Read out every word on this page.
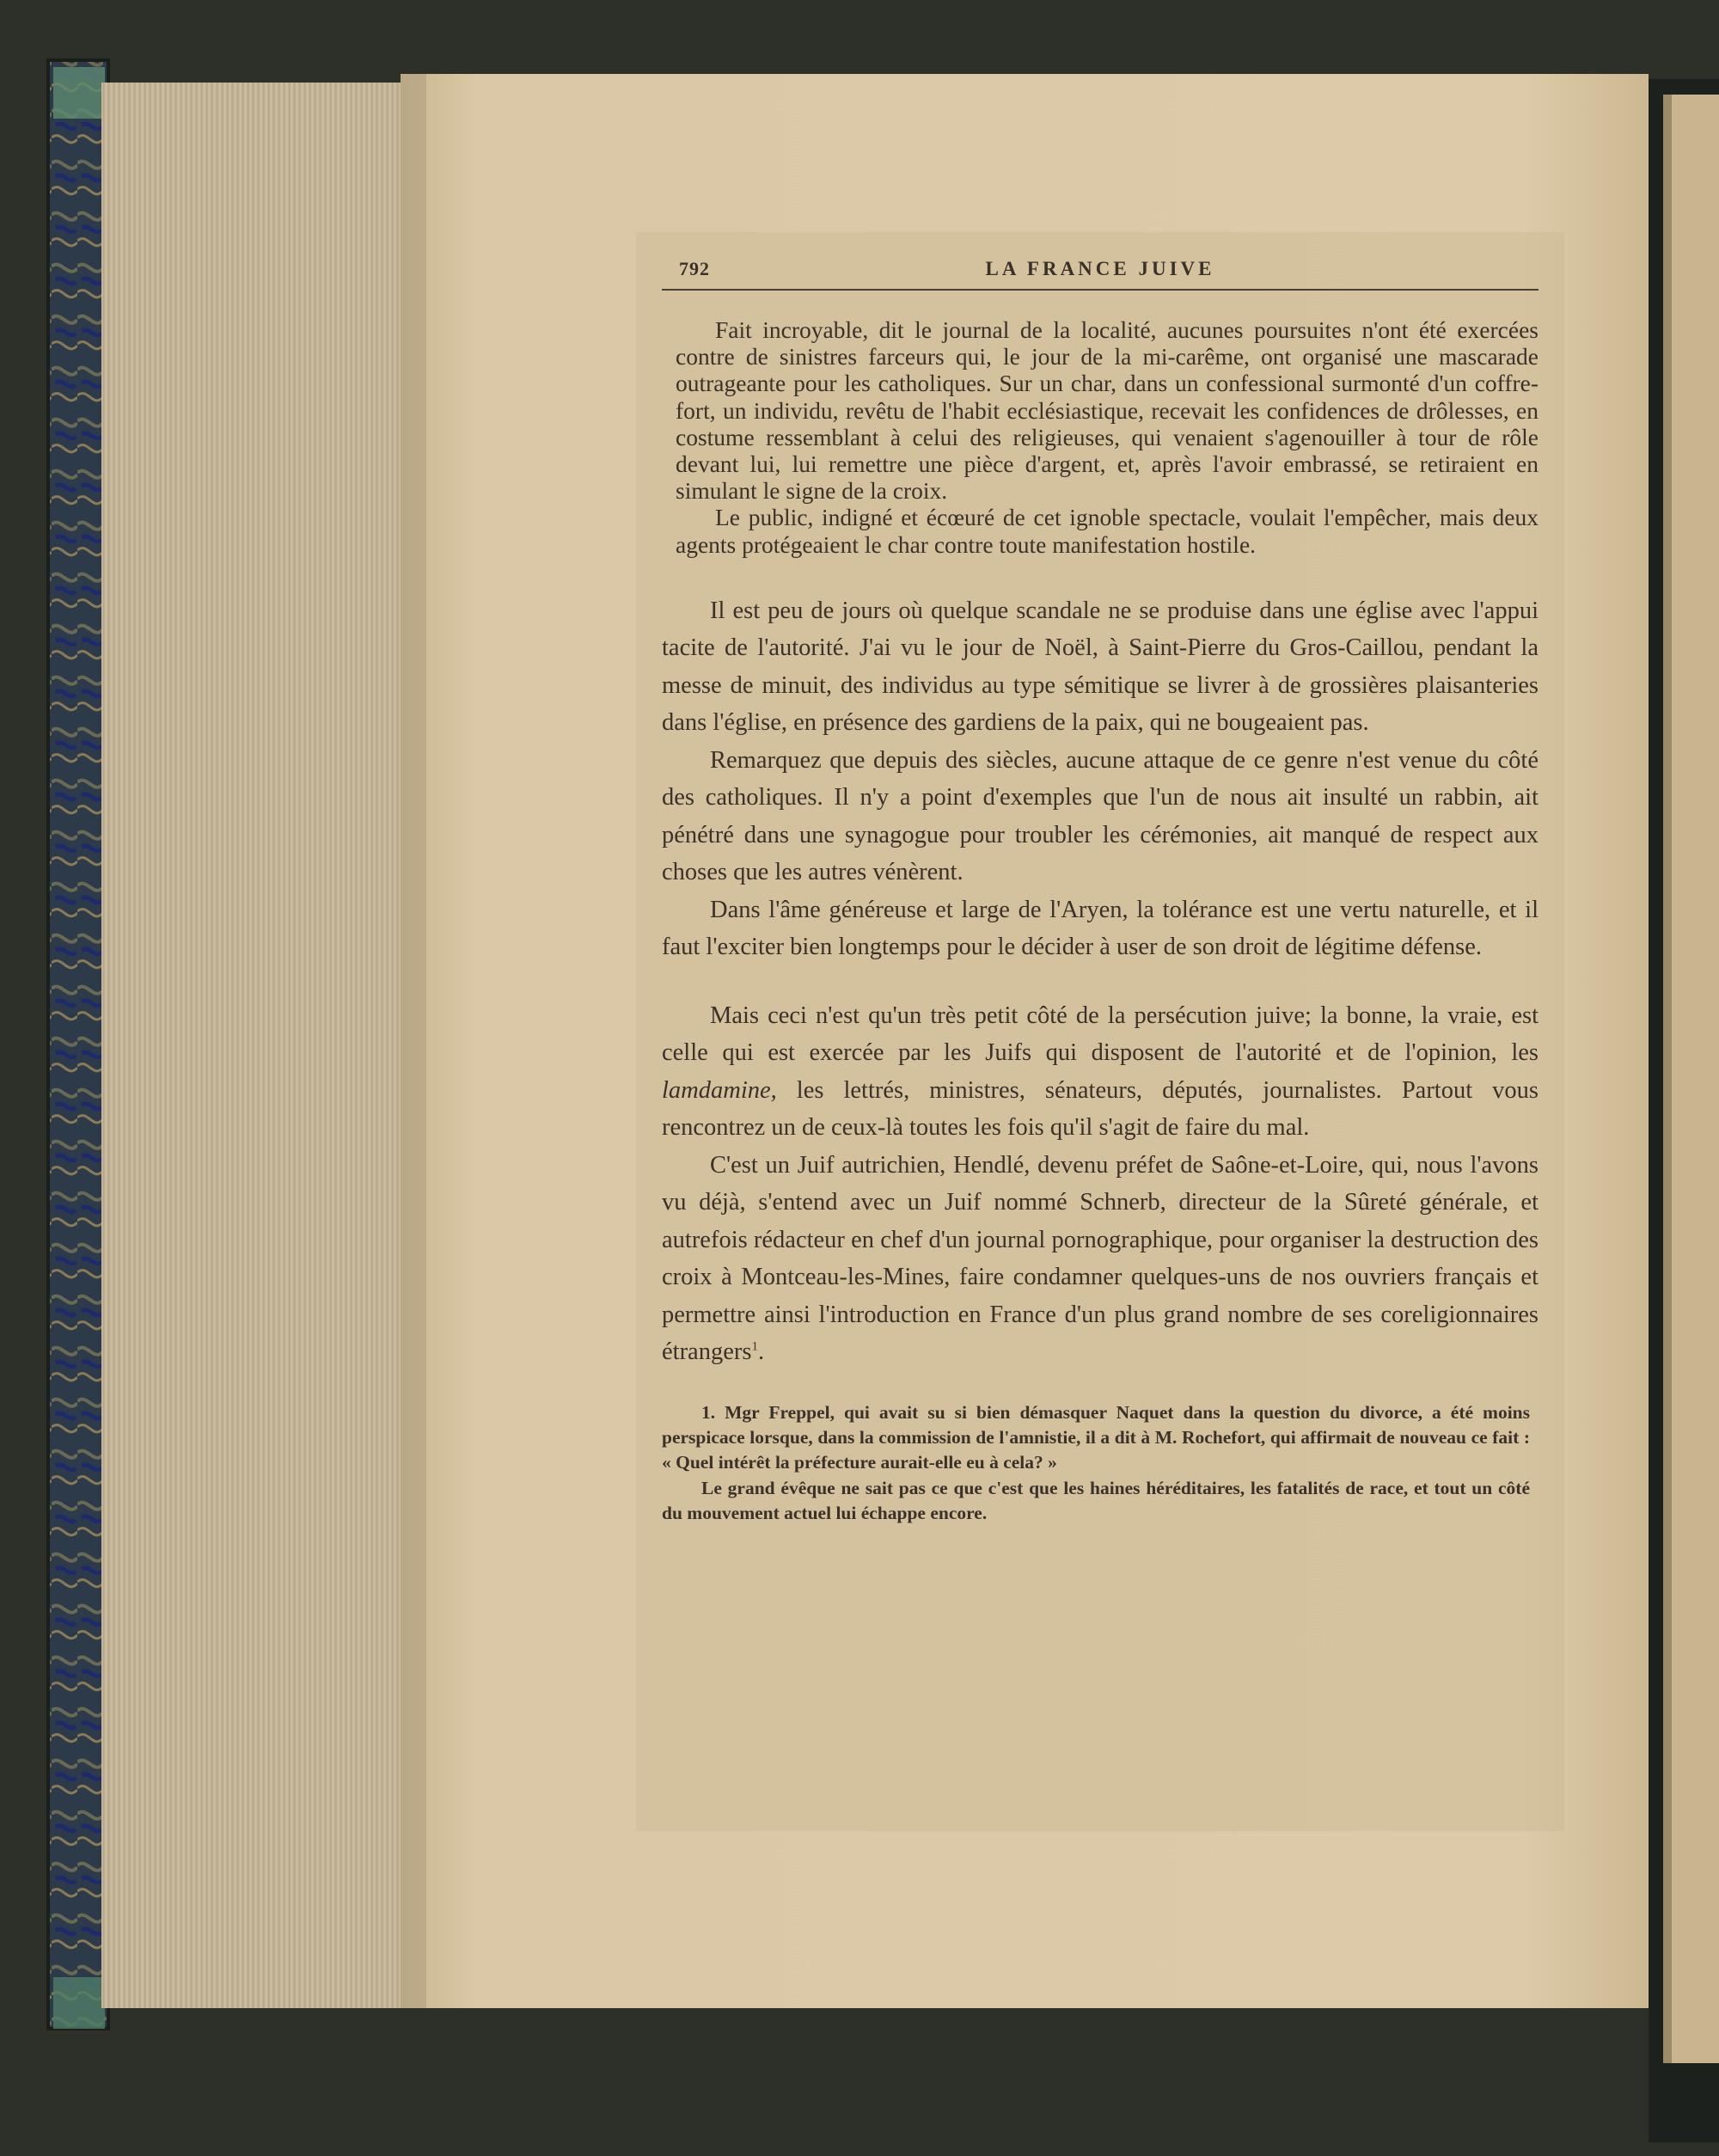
792	LA FRANCE JUIVE

Fait incroyable, dit le journal de la localité, aucunes poursuites n'ont été exercées contre de sinistres farceurs qui, le jour de la mi-carême, ont organisé une mascarade outrageante pour les catholiques. Sur un char, dans un confessional surmonté d'un coffre-fort, un individu, revêtu de l'habit ecclésiastique, recevait les confidences de drôlesses, en costume ressemblant à celui des religieuses, qui venaient s'agenouiller à tour de rôle devant lui, lui remettre une pièce d'argent, et, après l'avoir embrassé, se retiraient en simulant le signe de la croix.

Le public, indigné et écœuré de cet ignoble spectacle, voulait l'empêcher, mais deux agents protégeaient le char contre toute manifestation hostile.

Il est peu de jours où quelque scandale ne se produise dans une église avec l'appui tacite de l'autorité. J'ai vu le jour de Noël, à Saint-Pierre du Gros-Caillou, pendant la messe de minuit, des individus au type sémitique se livrer à de grossières plaisanteries dans l'église, en présence des gardiens de la paix, qui ne bougeaient pas.

Remarquez que depuis des siècles, aucune attaque de ce genre n'est venue du côté des catholiques. Il n'y a point d'exemples que l'un de nous ait insulté un rabbin, ait pénétré dans une synagogue pour troubler les cérémonies, ait manqué de respect aux choses que les autres vénèrent.

Dans l'âme généreuse et large de l'Aryen, la tolérance est une vertu naturelle, et il faut l'exciter bien longtemps pour le décider à user de son droit de légitime défense.

Mais ceci n'est qu'un très petit côté de la persécution juive; la bonne, la vraie, est celle qui est exercée par les Juifs qui disposent de l'autorité et de l'opinion, les lamdamine, les lettrés, ministres, sénateurs, députés, journalistes. Partout vous rencontrez un de ceux-là toutes les fois qu'il s'agit de faire du mal.

C'est un Juif autrichien, Hendlé, devenu préfet de Saône-et-Loire, qui, nous l'avons vu déjà, s'entend avec un Juif nommé Schnerb, directeur de la Sûreté générale, et autrefois rédacteur en chef d'un journal pornographique, pour organiser la destruction des croix à Montceau-les-Mines, faire condamner quelques-uns de nos ouvriers français et permettre ainsi l'introduction en France d'un plus grand nombre de ses coreligionnaires étrangers$^1$.

1. Mgr Freppel, qui avait su si bien démasquer Naquet dans la question du divorce, a été moins perspicace lorsque, dans la commission de l'amnistie, il a dit à M. Rochefort, qui affirmait de nouveau ce fait : « Quel intérêt la préfecture aurait-elle eu à cela? »

Le grand évêque ne sait pas ce que c'est que les haines héréditaires, les fatalités de race, et tout un côté du mouvement actuel lui échappe encore.
